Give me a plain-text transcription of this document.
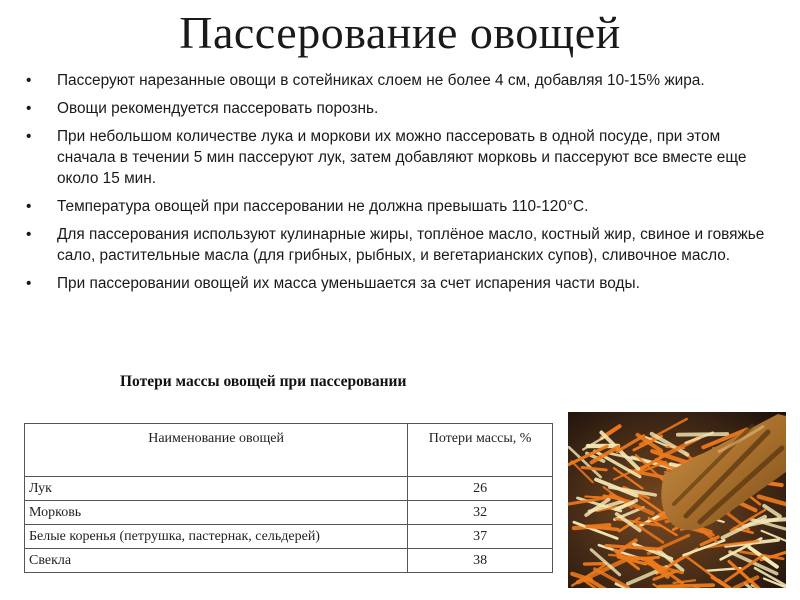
Пассерование овощей
• Пассеруют нарезанные овощи в сотейниках слоем не более 4 см, добавляя 10-15% жира.
• Овощи рекомендуется пассеровать порознь.
• При небольшом количестве лука и моркови их можно пассеровать в одной посуде, при этом сначала в течении 5 мин пассеруют лук, затем добавляют морковь и пассеруют все вместе еще около 15 мин.
• Температура овощей при пассеровании не должна превышать 110-120°С.
• Для пассерования используют кулинарные жиры, топлёное масло, костный жир, свиное и говяжье сало, растительные масла (для грибных, рыбных, и вегетарианских супов), сливочное масло.
• При пассеровании овощей их масса уменьшается за счет испарения части воды.
Потери массы овощей при пассеровании
Наименование овощей	Потери массы, %
Лук	26
Морковь	32
Белые коренья (петрушка, пастернак, сельдерей)	37
Свекла	38
